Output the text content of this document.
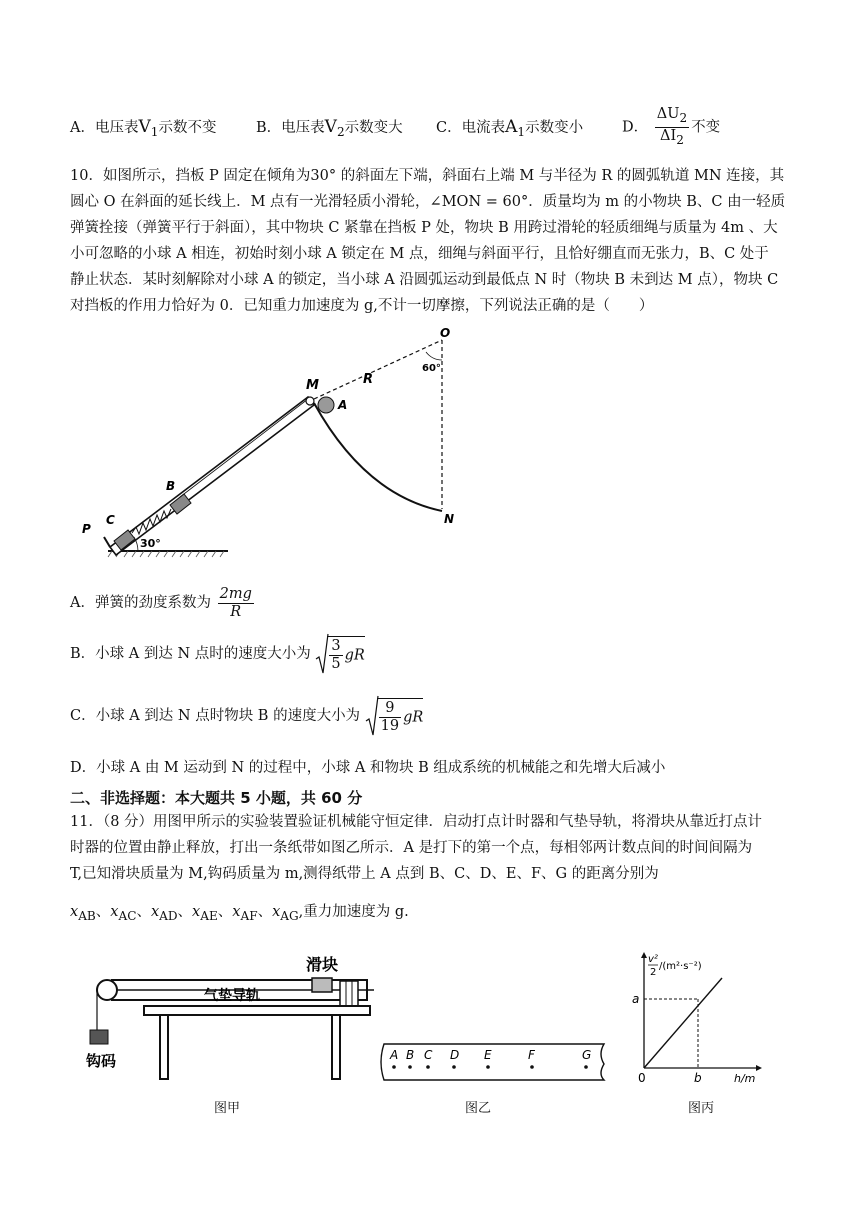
A．电压表$V_1$示数不变	B．电压表$V_2$示数变大 C．电流表$A_1$示数变小	D． $\frac{\Delta U_2}{\Delta I_2}$ 不变
10．如图所示，挡板 P 固定在倾角为30° 的斜面左下端，斜面右上端 M 与半径为 R 的圆弧轨道 MN 连接，其
圆心 O 在斜面的延长线上．M 点有一光滑轻质小滑轮，∠MON = 60°．质量均为 m 的小物块 B、C 由一轻质
弹簧拴接（弹簧平行于斜面），其中物块 C 紧靠在挡板 P 处，物块 B 用跨过滑轮的轻质细绳与质量为 4m 、大
小可忽略的小球 A 相连，初始时刻小球 A 锁定在 M 点，细绳与斜面平行，且恰好绷直而无张力，B、C 处于
静止状态．某时刻解除对小球 A 的锁定，当小球 A 沿圆弧运动到最低点 N 时（物块 B 未到达 M 点），物块 C
对挡板的作用力恰好为 0．已知重力加速度为 g,不计一切摩擦，下列说法正确的是（　　）
O
60°
R
M
A
B
C
P
N
30°
A．弹簧的劲度系数为 $\frac{2mg}{R}$
B．小球 A 到达 N 点时的速度大小为 $\frac{3}{5}$ gR
C．小球 A 到达 N 点时物块 B 的速度大小为 $\frac{9}{19}$ gR
D．小球 A 由 M 运动到 N 的过程中，小球 A 和物块 B 组成系统的机械能之和先增大后减小
二、非选择题：本大题共 5 小题，共 60 分
11．（8 分）用图甲所示的实验装置验证机械能守恒定律．启动打点计时器和气垫导轨，将滑块从靠近打点计
时器的位置由静止释放，打出一条纸带如图乙所示．A 是打下的第一个点，每相邻两计数点间的时间间隔为
T,已知滑块质量为 M,钩码质量为 m,测得纸带上 A 点到 B、C、D、E、F、G 的距离分别为
$x_{AB}$、$x_{AC}$、$x_{AD}$、$x_{AE}$、$x_{AF}$、$x_{AG}$,重力加速度为 g.
滑块
气垫导轨
钩码	A B C D E	F	G
v²
2
/(m²·s⁻²)
a
b
0	h/m
图甲	图乙	图丙
